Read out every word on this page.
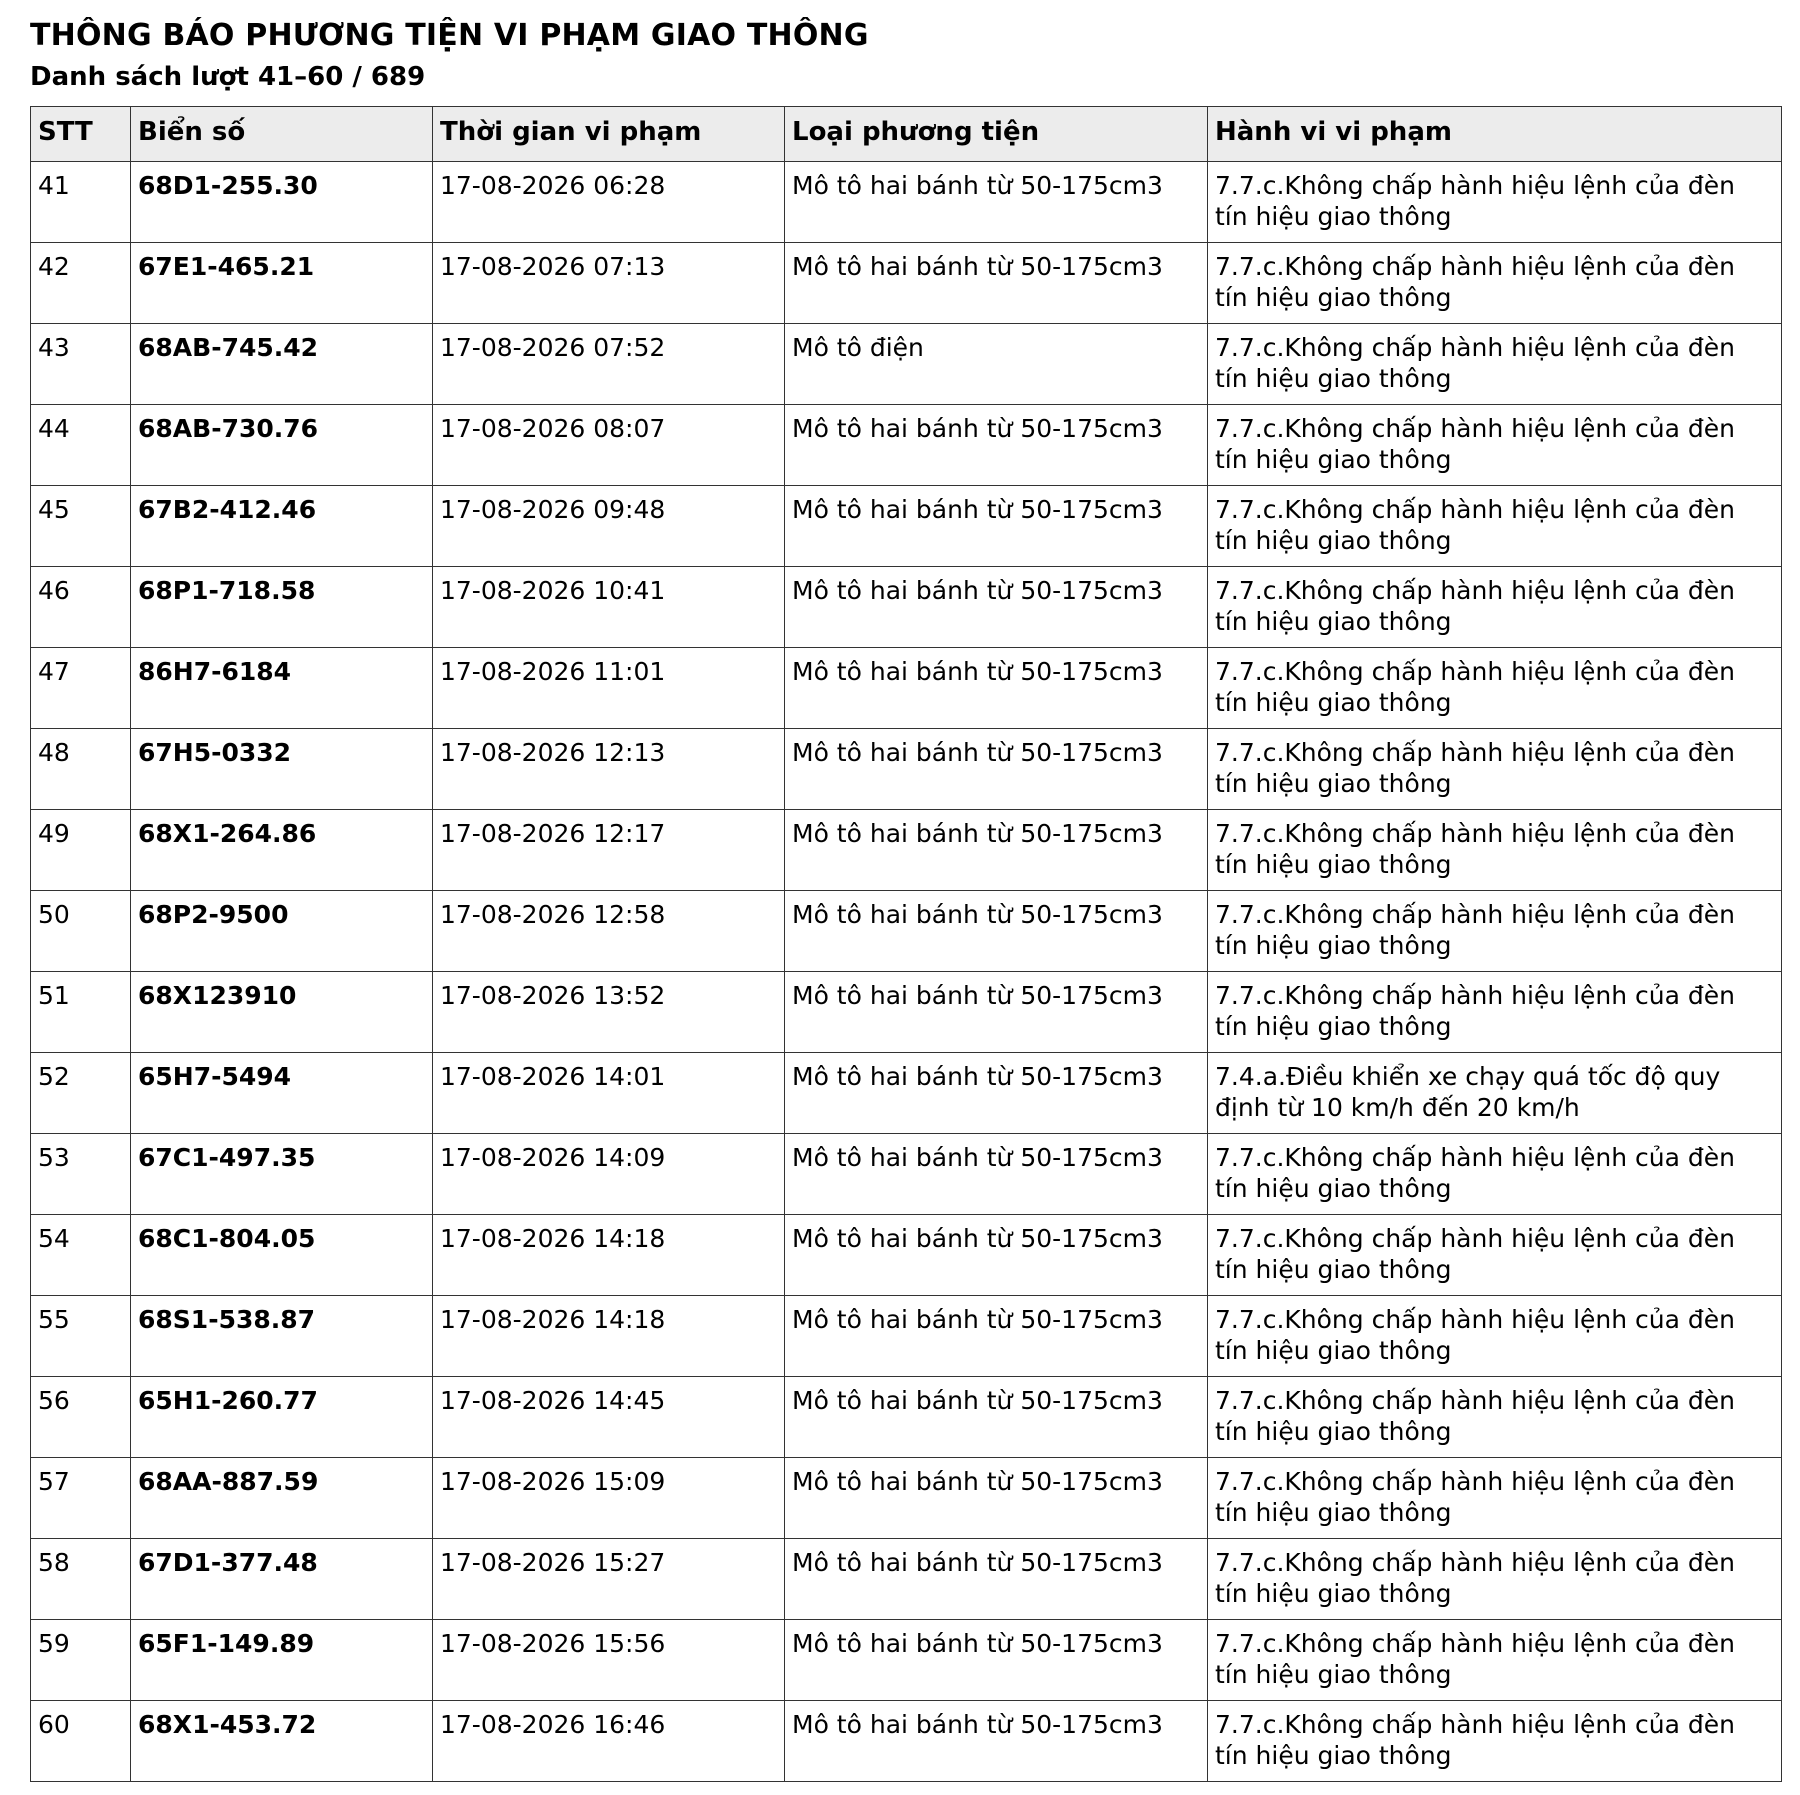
THÔNG BÁO PHƯƠNG TIỆN VI PHẠM GIAO THÔNG
Danh sách lượt 41–60 / 689
STT	Biển số	Thời gian vi phạm	Loại phương tiện	Hành vi vi phạm
41	68D1-255.30	17-08-2026 06:28	Mô tô hai bánh từ 50-175cm3	7.7.c.Không chấp hành hiệu lệnh của đèn tín hiệu giao thông
42	67E1-465.21	17-08-2026 07:13	Mô tô hai bánh từ 50-175cm3	7.7.c.Không chấp hành hiệu lệnh của đèn tín hiệu giao thông
43	68AB-745.42	17-08-2026 07:52	Mô tô điện	7.7.c.Không chấp hành hiệu lệnh của đèn tín hiệu giao thông
44	68AB-730.76	17-08-2026 08:07	Mô tô hai bánh từ 50-175cm3	7.7.c.Không chấp hành hiệu lệnh của đèn tín hiệu giao thông
45	67B2-412.46	17-08-2026 09:48	Mô tô hai bánh từ 50-175cm3	7.7.c.Không chấp hành hiệu lệnh của đèn tín hiệu giao thông
46	68P1-718.58	17-08-2026 10:41	Mô tô hai bánh từ 50-175cm3	7.7.c.Không chấp hành hiệu lệnh của đèn tín hiệu giao thông
47	86H7-6184	17-08-2026 11:01	Mô tô hai bánh từ 50-175cm3	7.7.c.Không chấp hành hiệu lệnh của đèn tín hiệu giao thông
48	67H5-0332	17-08-2026 12:13	Mô tô hai bánh từ 50-175cm3	7.7.c.Không chấp hành hiệu lệnh của đèn tín hiệu giao thông
49	68X1-264.86	17-08-2026 12:17	Mô tô hai bánh từ 50-175cm3	7.7.c.Không chấp hành hiệu lệnh của đèn tín hiệu giao thông
50	68P2-9500	17-08-2026 12:58	Mô tô hai bánh từ 50-175cm3	7.7.c.Không chấp hành hiệu lệnh của đèn tín hiệu giao thông
51	68X123910	17-08-2026 13:52	Mô tô hai bánh từ 50-175cm3	7.7.c.Không chấp hành hiệu lệnh của đèn tín hiệu giao thông
52	65H7-5494	17-08-2026 14:01	Mô tô hai bánh từ 50-175cm3	7.4.a.Điều khiển xe chạy quá tốc độ quy định từ 10 km/h đến 20 km/h
53	67C1-497.35	17-08-2026 14:09	Mô tô hai bánh từ 50-175cm3	7.7.c.Không chấp hành hiệu lệnh của đèn tín hiệu giao thông
54	68C1-804.05	17-08-2026 14:18	Mô tô hai bánh từ 50-175cm3	7.7.c.Không chấp hành hiệu lệnh của đèn tín hiệu giao thông
55	68S1-538.87	17-08-2026 14:18	Mô tô hai bánh từ 50-175cm3	7.7.c.Không chấp hành hiệu lệnh của đèn tín hiệu giao thông
56	65H1-260.77	17-08-2026 14:45	Mô tô hai bánh từ 50-175cm3	7.7.c.Không chấp hành hiệu lệnh của đèn tín hiệu giao thông
57	68AA-887.59	17-08-2026 15:09	Mô tô hai bánh từ 50-175cm3	7.7.c.Không chấp hành hiệu lệnh của đèn tín hiệu giao thông
58	67D1-377.48	17-08-2026 15:27	Mô tô hai bánh từ 50-175cm3	7.7.c.Không chấp hành hiệu lệnh của đèn tín hiệu giao thông
59	65F1-149.89	17-08-2026 15:56	Mô tô hai bánh từ 50-175cm3	7.7.c.Không chấp hành hiệu lệnh của đèn tín hiệu giao thông
60	68X1-453.72	17-08-2026 16:46	Mô tô hai bánh từ 50-175cm3	7.7.c.Không chấp hành hiệu lệnh của đèn tín hiệu giao thông
